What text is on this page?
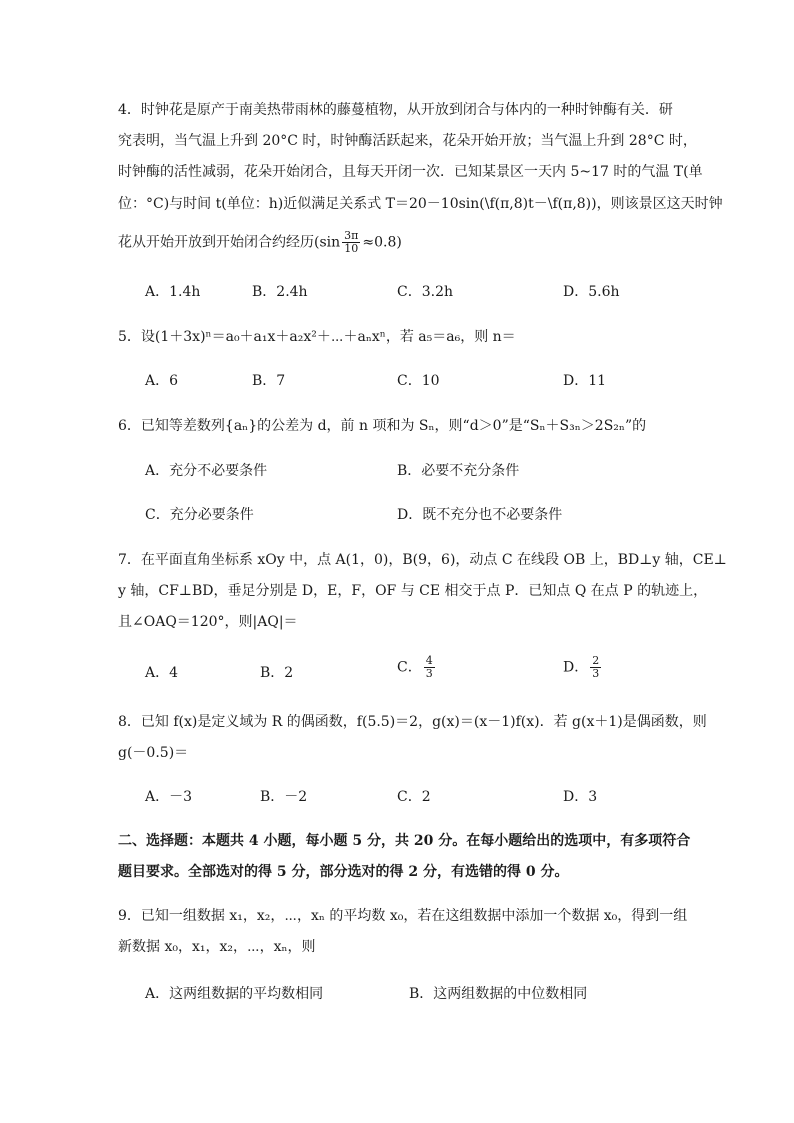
4．时钟花是原产于南美热带雨林的藤蔓植物，从开放到闭合与体内的一种时钟酶有关．研
究表明，当气温上升到 20°C 时，时钟酶活跃起来，花朵开始开放；当气温上升到 28°C 时，
时钟酶的活性减弱，花朵开始闭合，且每天开闭一次．已知某景区一天内 5~17 时的气温 T(单
位：°C)与时间 t(单位：h)近似满足关系式 T＝20－10sin(\f(π,8)t－\f(π,8))，则该景区这天时钟
花从开始开放到开始闭合约经历$(\sin \frac{3\pi}{10} \approx 0.8)$
A．1.4h	B．2.4h	C．3.2h	D．5.6h
5．设(1＋3x)ⁿ＝a₀＋a₁x＋a₂x²＋⋯＋aₙxⁿ，若 a₅＝a₆，则 n＝
A．6	B．7	C．10	D．11
6．已知等差数列{aₙ}的公差为 d，前 n 项和为 Sₙ，则“d＞0”是“Sₙ＋S₃ₙ＞2S₂ₙ”的
A．充分不必要条件	B．必要不充分条件
C．充分必要条件	D．既不充分也不必要条件
7．在平面直角坐标系 xOy 中，点 A(1，0)，B(9，6)，动点 C 在线段 OB 上，BD⊥y 轴，CE⊥
y 轴，CF⊥BD，垂足分别是 D，E，F，OF 与 CE 相交于点 P．已知点 Q 在点 P 的轨迹上，
且∠OAQ＝120°，则|AQ|＝
A．4	B．2	C． $\frac{4}{3}$	D． $\frac{2}{3}$
8．已知 f(x)是定义域为 R 的偶函数，f(5.5)＝2，g(x)＝(x－1)f(x)．若 g(x＋1)是偶函数，则
g(－0.5)＝
A．－3	B．－2	C．2	D．3
二、选择题：本题共 4 小题，每小题 5 分，共 20 分。在每小题给出的选项中，有多项符合
题目要求。全部选对的得 5 分，部分选对的得 2 分，有选错的得 0 分。
9．已知一组数据 x₁，x₂，⋯，xₙ 的平均数 x₀，若在这组数据中添加一个数据 x₀，得到一组
新数据 x₀，x₁，x₂，⋯，xₙ，则
A．这两组数据的平均数相同	B．这两组数据的中位数相同
